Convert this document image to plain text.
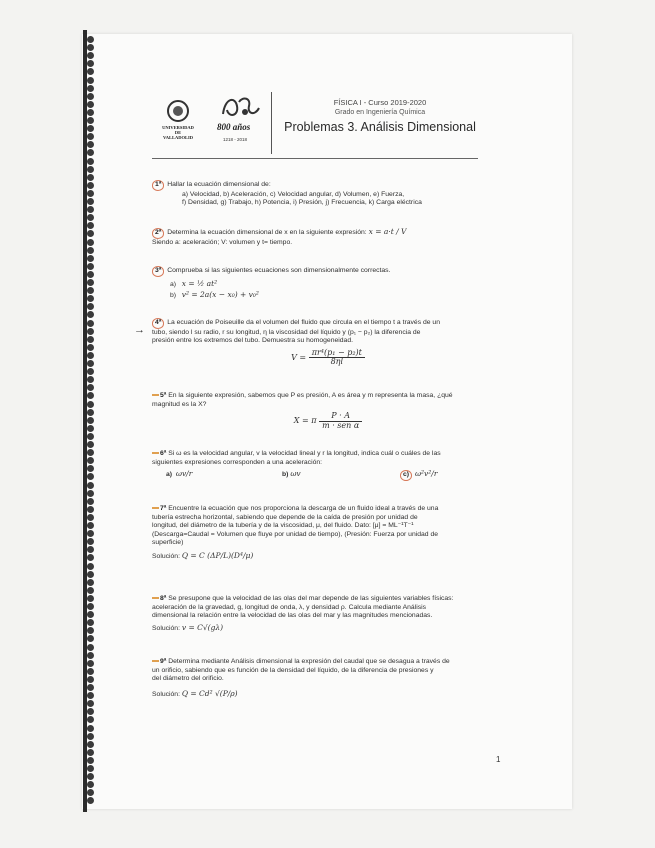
UNIVERSIDAD DE VALLADOLID
800 años
1218 - 2018
FÍSICA I - Curso 2019-2020
Grado en Ingeniería Química
Problemas 3. Análisis Dimensional
→
1ª Hallar la ecuación dimensional de:

a) Velocidad, b) Aceleración, c) Velocidad angular, d) Volumen, e) Fuerza,
f) Densidad, g) Trabajo, h) Potencia, i) Presión, j) Frecuencia, k) Carga eléctrica
2ª Determina la ecuación dimensional de x en la siguiente expresión: x = a·t / V
Siendo a: aceleración; V: volumen y t= tiempo.
3ª Comprueba si las siguientes ecuaciones son dimensionalmente correctas.
a) x = ½ at²
b) v² = 2a(x − x₀) + v₀²
4ª La ecuación de Poiseuille da el volumen del fluido que circula en el tiempo t a través de un
tubo, siendo l su radio, r su longitud, η la viscosidad del líquido y (p₁ − p₂) la diferencia de
presión entre los extremos del tubo. Demuestra su homogeneidad.
$V = \frac{\text{πr⁴(p₁ − p₂)t}}{8\eta l}$
5ª En la siguiente expresión, sabemos que P es presión, A es área y m representa la masa, ¿qué
magnitud es la X?
X = π $\frac{P \cdot A}{\text{m · sen α}}$
6ª Si ω es la velocidad angular, v la velocidad lineal y r la longitud, indica cuál o cuáles de las
siguientes expresiones corresponden a una aceleración:
a) ωv/r	b) ωv	c) ω²v²/r
7ª Encuentre la ecuación que nos proporciona la descarga de un fluido ideal a través de una
tubería estrecha horizontal, sabiendo que depende de la caída de presión por unidad de
longitud, del diámetro de la tubería y de la viscosidad, μ, del fluido. Dato: [μ] = ML⁻¹T⁻¹
(Descarga=Caudal = Volumen que fluye por unidad de tiempo), (Presión: Fuerza por unidad de
superficie)
Solución: Q = C (ΔP/L)(D⁴/μ)
8ª Se presupone que la velocidad de las olas del mar depende de las siguientes variables físicas:
aceleración de la gravedad, g, longitud de onda, λ, y densidad ρ. Calcula mediante Análisis
dimensional la relación entre la velocidad de las olas del mar y las magnitudes mencionadas.
Solución: v = C√(gλ)
9ª Determina mediante Análisis dimensional la expresión del caudal que se desagua a través de
un orificio, sabiendo que es función de la densidad del líquido, de la diferencia de presiones y
del diámetro del orificio.
Solución: Q = Cd² √(P/ρ)
1
